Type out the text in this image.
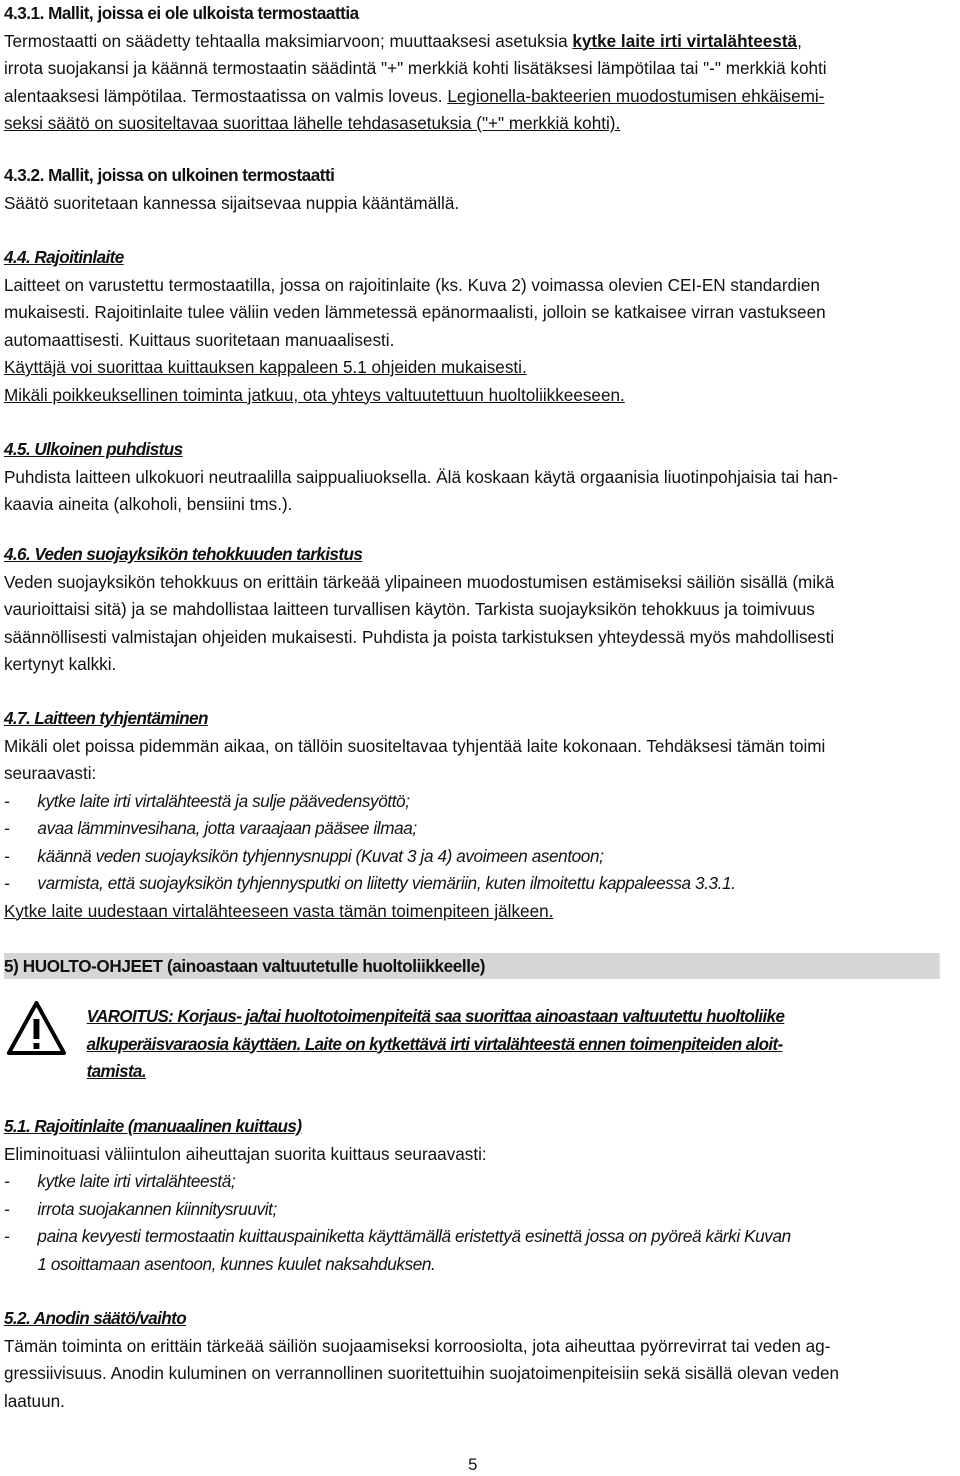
4.3.1. Mallit, joissa ei ole ulkoista termostaattia
Termostaatti on säädetty tehtaalla maksimiarvoon; muuttaaksesi asetuksia kytke laite irti virtalähteestä,
irrota suojakansi ja käännä termostaatin säädintä "+" merkkiä kohti lisätäksesi lämpötilaa tai "-" merkkiä kohti
alentaaksesi lämpötilaa. Termostaatissa on valmis loveus. Legionella-bakteerien muodostumisen ehkäisemi-
seksi säätö on suositeltavaa suorittaa lähelle tehdasasetuksia ("+" merkkiä kohti).
4.3.2. Mallit, joissa on ulkoinen termostaatti
Säätö suoritetaan kannessa sijaitsevaa nuppia kääntämällä.
4.4. Rajoitinlaite
Laitteet on varustettu termostaatilla, jossa on rajoitinlaite (ks. Kuva 2) voimassa olevien CEI-EN standardien
mukaisesti. Rajoitinlaite tulee väliin veden lämmetessä epänormaalisti, jolloin se katkaisee virran vastukseen
automaattisesti. Kuittaus suoritetaan manuaalisesti.
Käyttäjä voi suorittaa kuittauksen kappaleen 5.1 ohjeiden mukaisesti.
Mikäli poikkeuksellinen toiminta jatkuu, ota yhteys valtuutettuun huoltoliikkeeseen.
4.5. Ulkoinen puhdistus
Puhdista laitteen ulkokuori neutraalilla saippualiuoksella. Älä koskaan käytä orgaanisia liuotinpohjaisia tai han-
kaavia aineita (alkoholi, bensiini tms.).
4.6. Veden suojayksikön tehokkuuden tarkistus
Veden suojayksikön tehokkuus on erittäin tärkeää ylipaineen muodostumisen estämiseksi säiliön sisällä (mikä
vaurioittaisi sitä) ja se mahdollistaa laitteen turvallisen käytön. Tarkista suojayksikön tehokkuus ja toimivuus
säännöllisesti valmistajan ohjeiden mukaisesti. Puhdista ja poista tarkistuksen yhteydessä myös mahdollisesti
kertynyt kalkki.
4.7. Laitteen tyhjentäminen
Mikäli olet poissa pidemmän aikaa, on tällöin suositeltavaa tyhjentää laite kokonaan. Tehdäksesi tämän toimi
seuraavasti:
- kytke laite irti virtalähteestä ja sulje päävedensyöttö;
- avaa lämminvesihana, jotta varaajaan pääsee ilmaa;
- käännä veden suojayksikön tyhjennysnuppi (Kuvat 3 ja 4) avoimeen asentoon;
- varmista, että suojayksikön tyhjennysputki on liitetty viemäriin, kuten ilmoitettu kappaleessa 3.3.1.
Kytke laite uudestaan virtalähteeseen vasta tämän toimenpiteen jälkeen.
5) HUOLTO-OHJEET (ainoastaan valtuutetulle huoltoliikkeelle)
VAROITUS: Korjaus- ja/tai huoltotoimenpiteitä saa suorittaa ainoastaan valtuutettu huoltoliike
alkuperäisvaraosia käyttäen. Laite on kytkettävä irti virtalähteestä ennen toimenpiteiden aloit-
tamista.
5.1. Rajoitinlaite (manuaalinen kuittaus)
Eliminoituasi väliintulon aiheuttajan suorita kuittaus seuraavasti:
- kytke laite irti virtalähteestä;
- irrota suojakannen kiinnitysruuvit;
- paina kevyesti termostaatin kuittauspainiketta käyttämällä eristettyä esinettä jossa on pyöreä kärki Kuvan
1 osoittamaan asentoon, kunnes kuulet naksahduksen.
5.2. Anodin säätö/vaihto
Tämän toiminta on erittäin tärkeää säiliön suojaamiseksi korroosiolta, jota aiheuttaa pyörrevirrat tai veden ag-
gressiivisuus. Anodin kuluminen on verrannollinen suoritettuihin suojatoimenpiteisiin sekä sisällä olevan veden
laatuun.
5
